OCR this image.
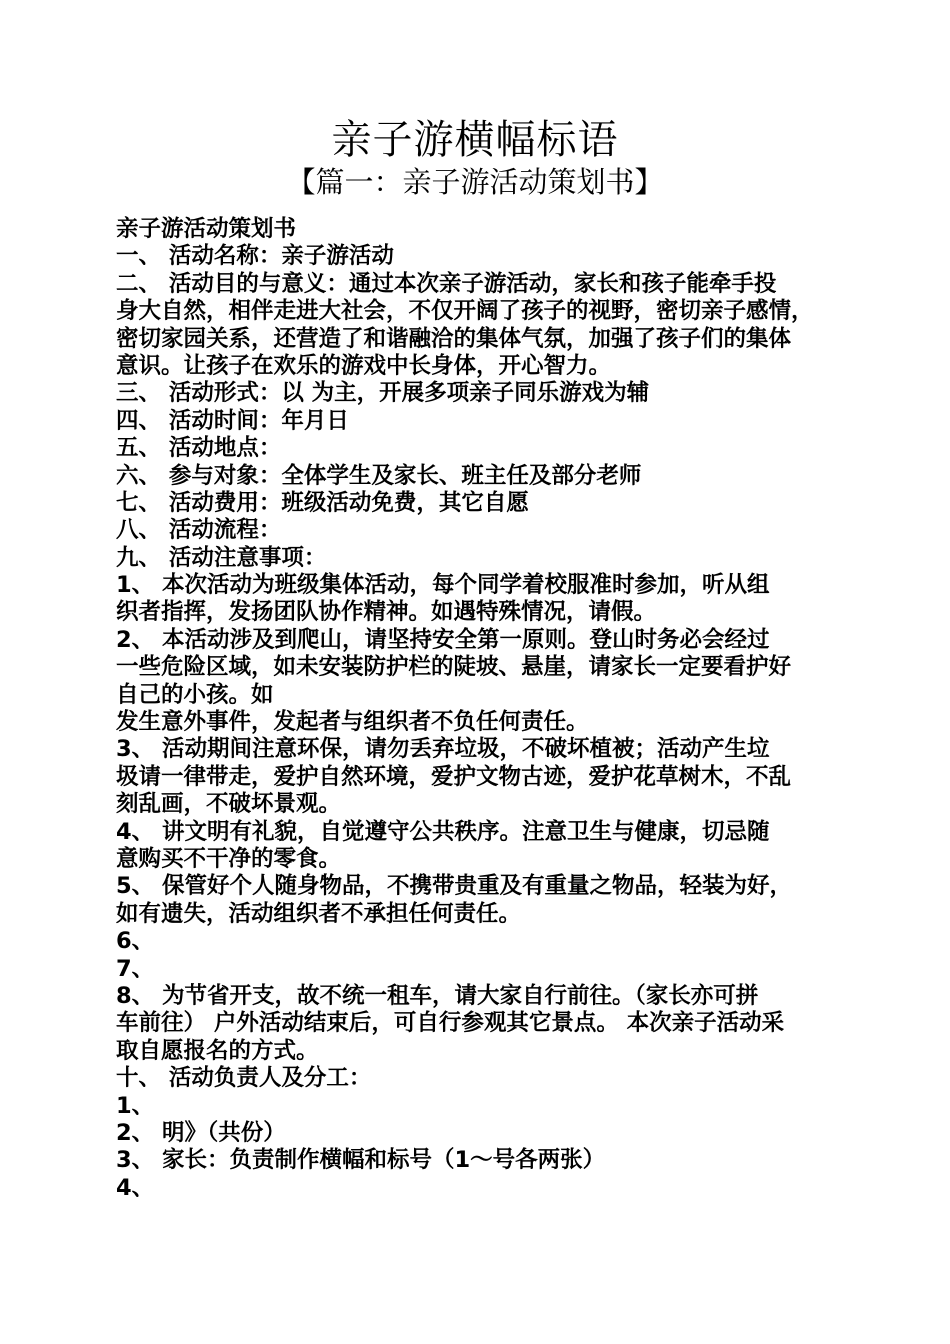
亲子游横幅标语
【篇一：亲子游活动策划书】
亲子游活动策划书
一、 活动名称：亲子游活动
二、 活动目的与意义：通过本次亲子游活动，家长和孩子能牵手投
身大自然，相伴走进大社会，不仅开阔了孩子的视野，密切亲子感情，
密切家园关系，还营造了和谐融洽的集体气氛，加强了孩子们的集体
意识。让孩子在欢乐的游戏中长身体，开心智力。
三、 活动形式：以 为主，开展多项亲子同乐游戏为辅
四、 活动时间：年月日
五、 活动地点：
六、 参与对象：全体学生及家长、班主任及部分老师
七、 活动费用：班级活动免费，其它自愿
八、 活动流程：
九、 活动注意事项：
1、 本次活动为班级集体活动，每个同学着校服准时参加，听从组
织者指挥，发扬团队协作精神。如遇特殊情况，请假。
2、 本活动涉及到爬山，请坚持安全第一原则。登山时务必会经过
一些危险区域，如未安装防护栏的陡坡、悬崖，请家长一定要看护好
自己的小孩。如
发生意外事件，发起者与组织者不负任何责任。
3、 活动期间注意环保，请勿丢弃垃圾，不破坏植被；活动产生垃
圾请一律带走，爱护自然环境，爱护文物古迹，爱护花草树木，不乱
刻乱画，不破坏景观。
4、 讲文明有礼貌，自觉遵守公共秩序。注意卫生与健康，切忌随
意购买不干净的零食。
5、 保管好个人随身物品，不携带贵重及有重量之物品，轻装为好，
如有遗失，活动组织者不承担任何责任。
6、
7、
8、 为节省开支，故不统一租车，请大家自行前往。（家长亦可拼
车前往） 户外活动结束后，可自行参观其它景点。 本次亲子活动采
取自愿报名的方式。
十、 活动负责人及分工：
1、
2、 明》（共份）
3、 家长：负责制作横幅和标号（1～号各两张）
4、
